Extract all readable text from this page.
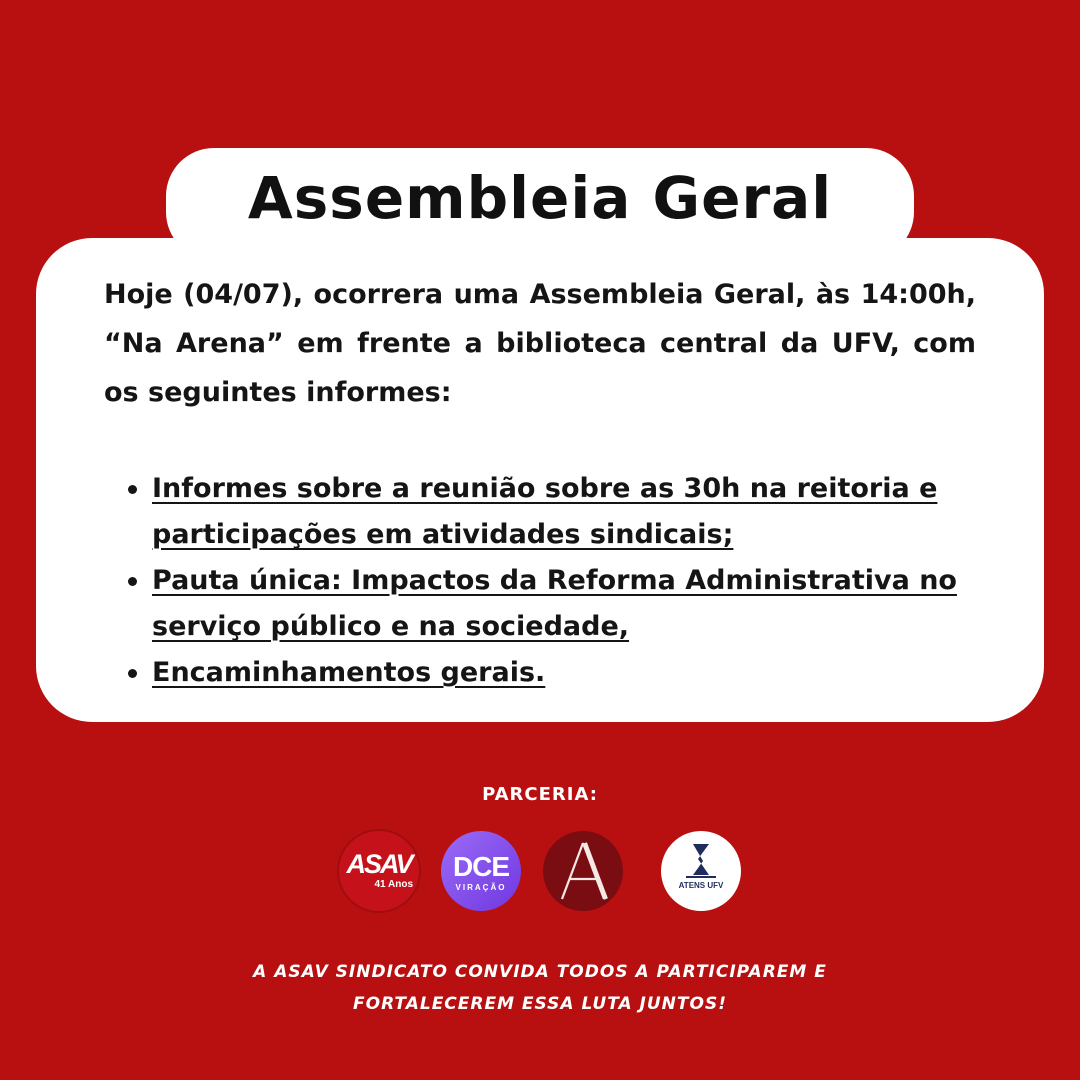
Assembleia Geral
Hoje (04/07), ocorrera uma Assembleia Geral, às 14:00h, “Na Arena” em frente a biblioteca central da UFV, com os seguintes informes:
Informes sobre a reunião sobre as 30h na reitoria e participações em atividades sindicais;
Pauta única: Impactos da Reforma Administrativa no serviço público e na sociedade,
Encaminhamentos gerais.
PARCERIA:
ASAV
41 Anos
DCE
VIRAÇÃO	ATENS UFV
A ASAV SINDICATO CONVIDA TODOS A PARTICIPAREM E
FORTALECEREM ESSA LUTA JUNTOS!
